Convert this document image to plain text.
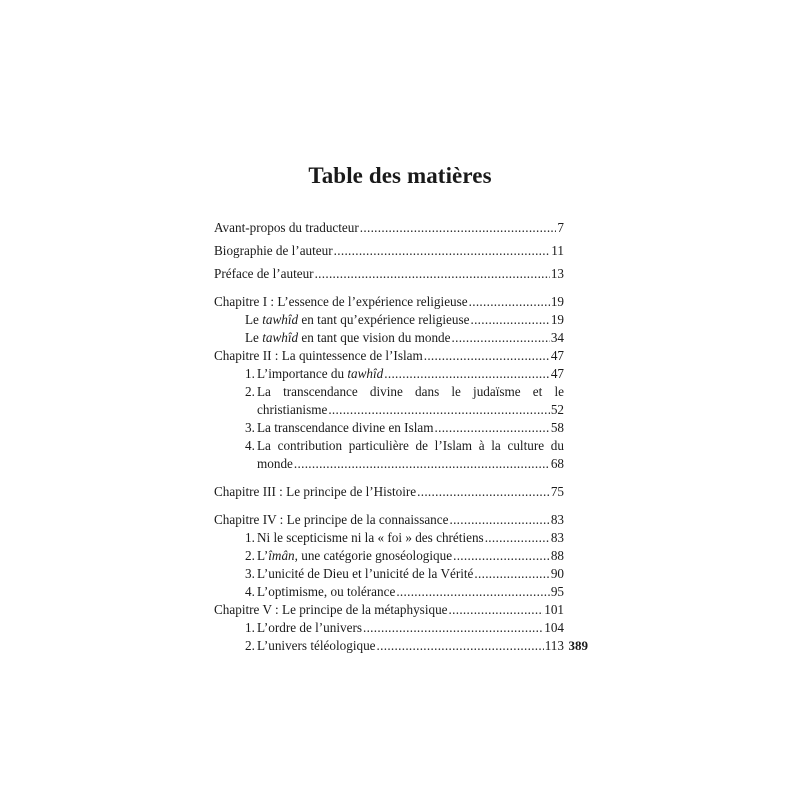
Table des matières
Avant-propos du traducteur .....	7
Biographie de l’auteur .....	11
Préface de l’auteur .....	13
Chapitre I : L’essence de l’expérience religieuse .....	19
Le tawhîd en tant qu’expérience religieuse .....	19
Le tawhîd en tant que vision du monde .....	34
Chapitre II : La quintessence de l’Islam .....	47
1. L’importance du tawhîd .....	47
2. La transcendance divine dans le judaïsme et le
christianisme .....	52
3. La transcendance divine en Islam .....	58
4. La contribution particulière de l’Islam à la culture du
monde .....	68
Chapitre III : Le principe de l’Histoire .....	75
Chapitre IV : Le principe de la connaissance .....	83
1. Ni le scepticisme ni la « foi » des chrétiens .....	83
2. L’îmân, une catégorie gnoséologique .....	88
3. L’unicité de Dieu et l’unicité de la Vérité .....	90
4. L’optimisme, ou tolérance .....	95
Chapitre V : Le principe de la métaphysique .....	101
1. L’ordre de l’univers .....	104
2. L’univers téléologique .....	113 389
